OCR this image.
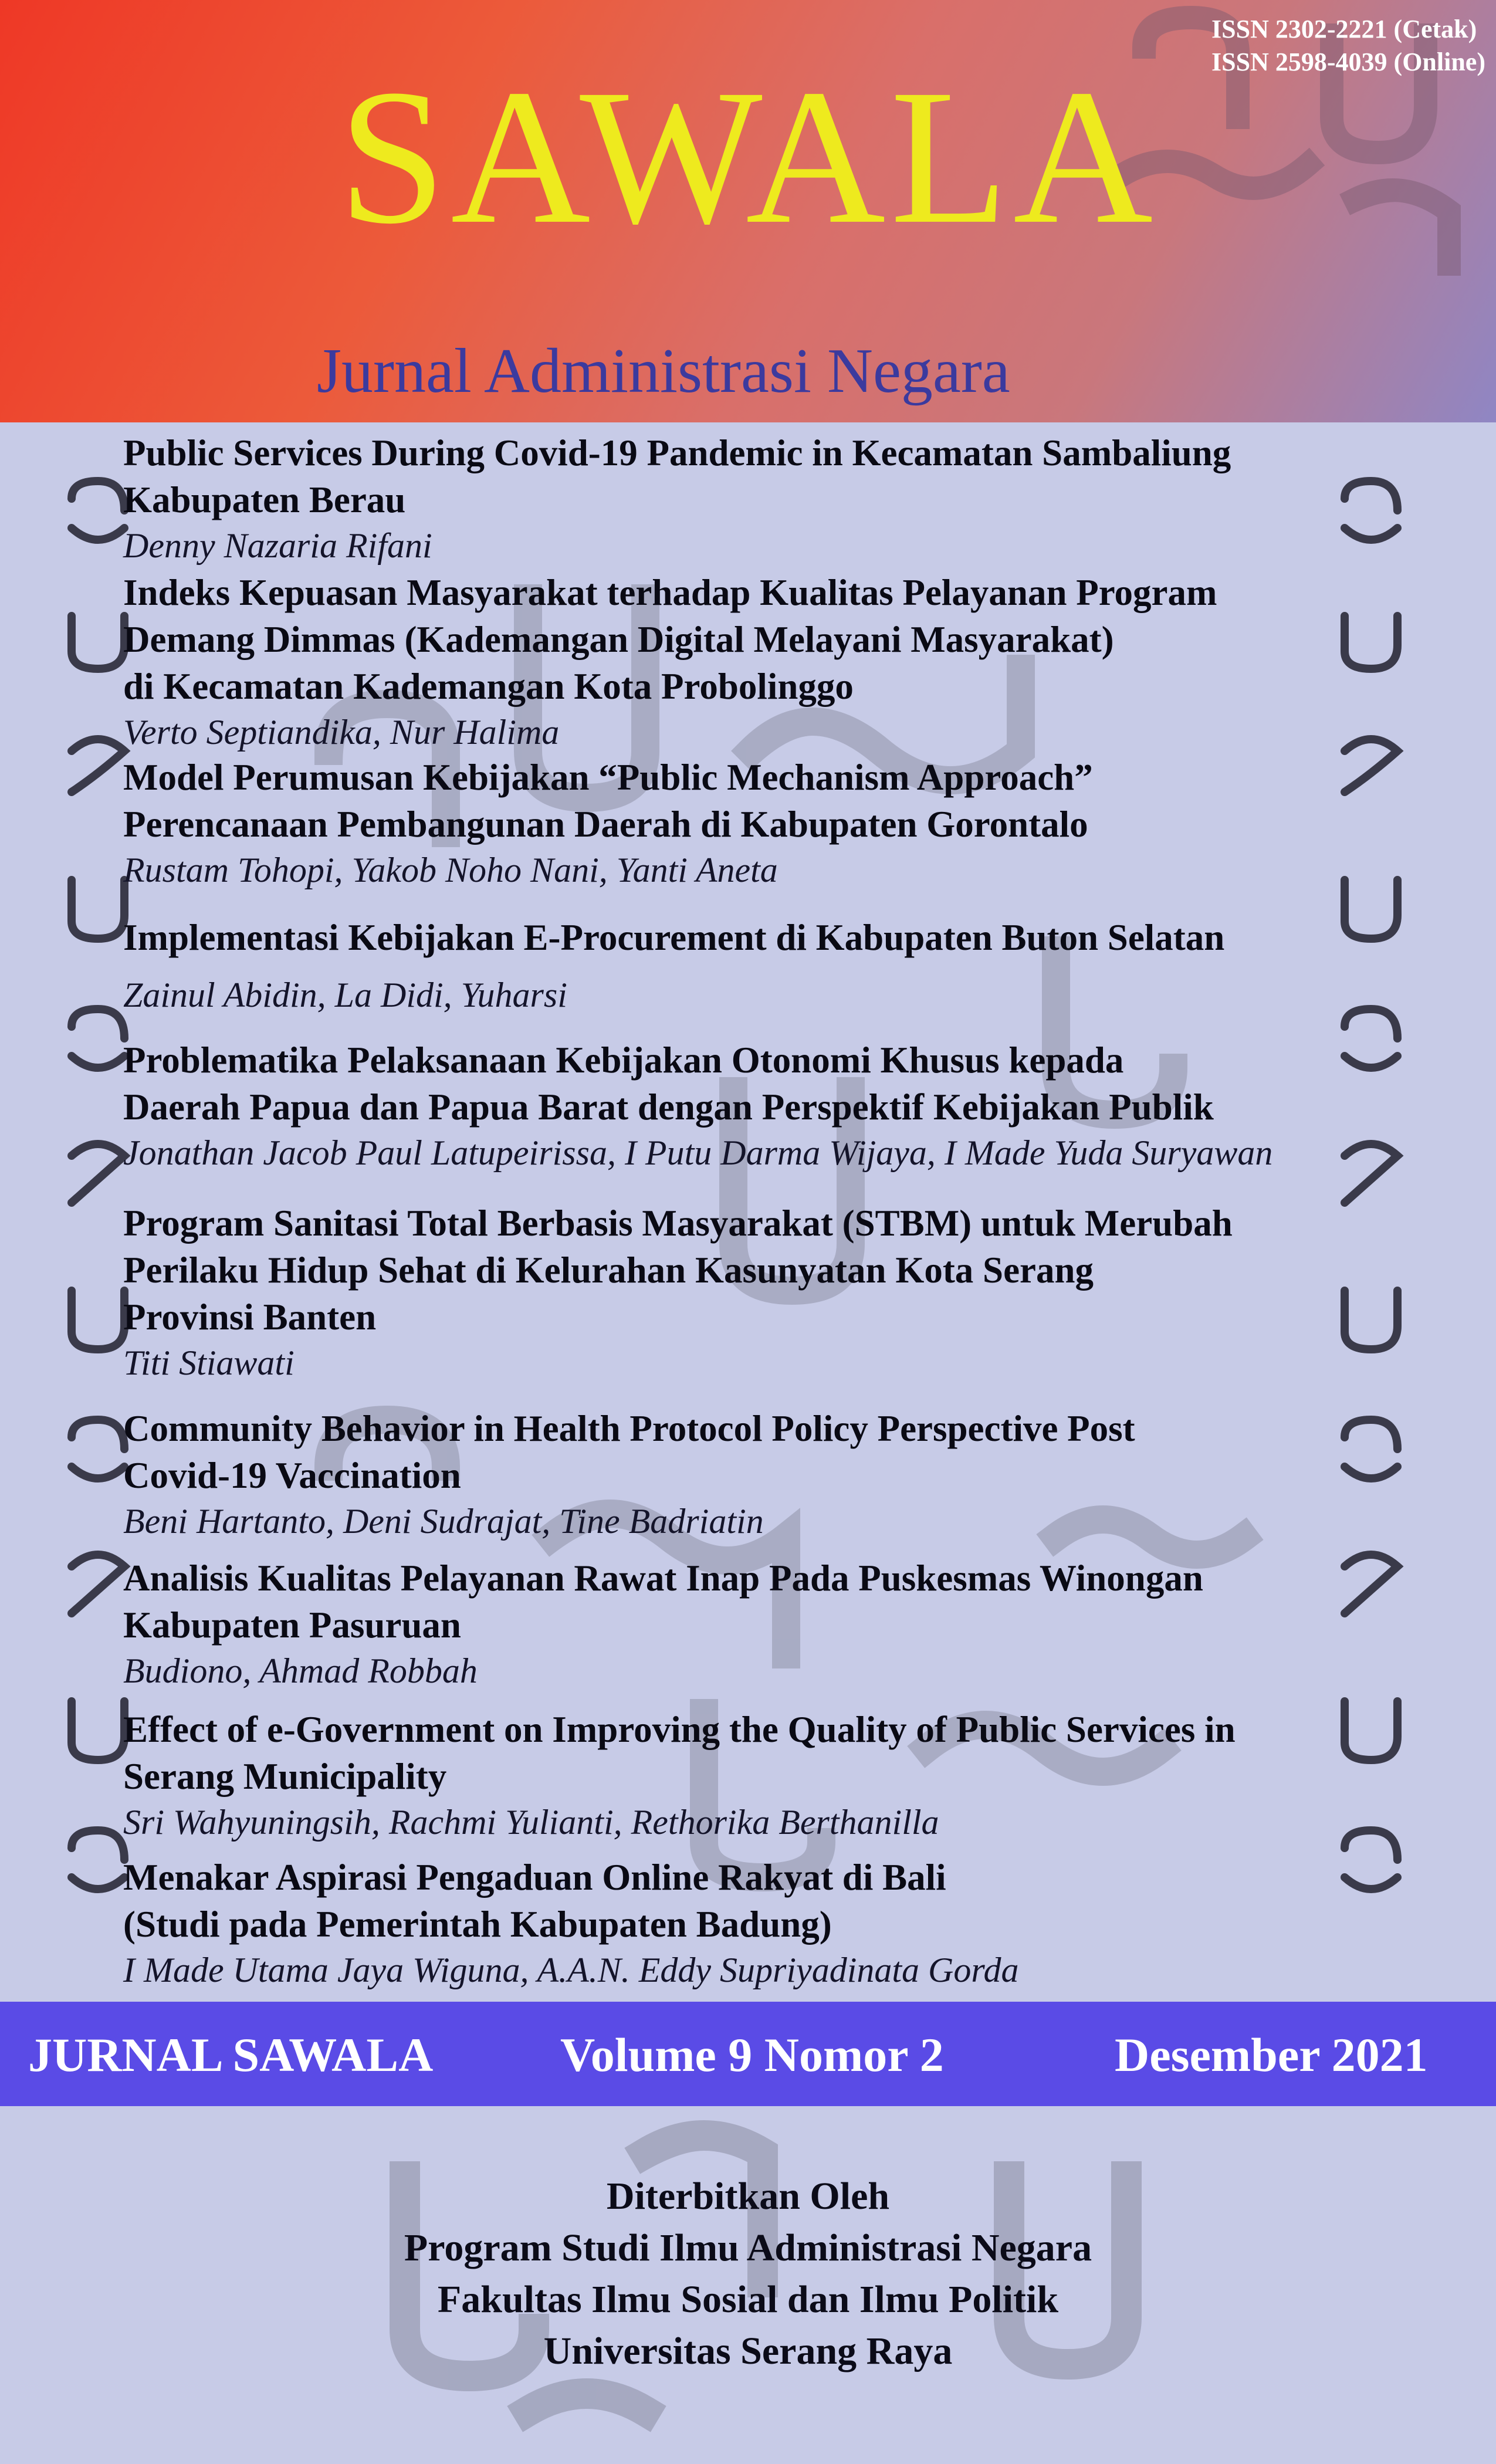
ISSN 2302-2221 (Cetak)
ISSN 2598-4039 (Online)
SAWALA
Jurnal Administrasi Negara
Public Services During Covid-19 Pandemic in Kecamatan Sambaliung
Kabupaten Berau
Denny Nazaria Rifani
Indeks Kepuasan Masyarakat terhadap Kualitas Pelayanan Program
Demang Dimmas (Kademangan Digital Melayani Masyarakat)
di Kecamatan Kademangan Kota Probolinggo
Verto Septiandika, Nur Halima
Model Perumusan Kebijakan “Public Mechanism Approach”
Perencanaan Pembangunan Daerah di Kabupaten Gorontalo
Rustam Tohopi, Yakob Noho Nani, Yanti Aneta
Implementasi Kebijakan E-Procurement di Kabupaten Buton Selatan
Zainul Abidin, La Didi, Yuharsi
Problematika Pelaksanaan Kebijakan Otonomi Khusus kepada
Daerah Papua dan Papua Barat dengan Perspektif Kebijakan Publik
Jonathan Jacob Paul Latupeirissa, I Putu Darma Wijaya, I Made Yuda Suryawan
Program Sanitasi Total Berbasis Masyarakat (STBM) untuk Merubah
Perilaku Hidup Sehat di Kelurahan Kasunyatan Kota Serang
Provinsi Banten
Titi Stiawati
Community Behavior in Health Protocol Policy Perspective Post
Covid-19 Vaccination
Beni Hartanto, Deni Sudrajat, Tine Badriatin
Analisis Kualitas Pelayanan Rawat Inap Pada Puskesmas Winongan
Kabupaten Pasuruan
Budiono, Ahmad Robbah
Effect of e-Government on Improving the Quality of Public Services in
Serang Municipality
Sri Wahyuningsih, Rachmi Yulianti, Rethorika Berthanilla
Menakar Aspirasi Pengaduan Online Rakyat di Bali
(Studi pada Pemerintah Kabupaten Badung)
I Made Utama Jaya Wiguna, A.A.N. Eddy Supriyadinata Gorda
JURNAL SAWALA	Volume 9 Nomor 2	Desember 2021
Diterbitkan Oleh
Program Studi Ilmu Administrasi Negara
Fakultas Ilmu Sosial dan Ilmu Politik
Universitas Serang Raya
